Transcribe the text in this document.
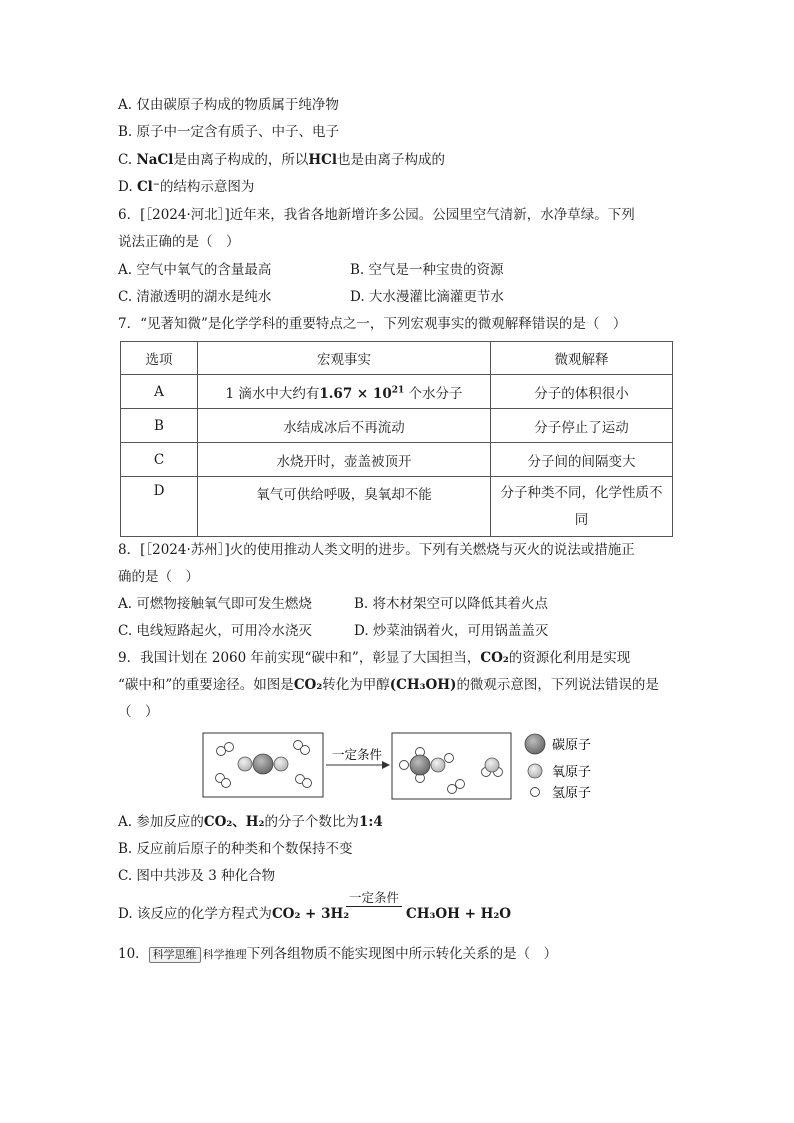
A. 仅由碳原子构成的物质属于纯净物
B. 原子中一定含有质子、中子、电子
C. NaCl是由离子构成的，所以HCl也是由离子构成的
D. Cl⁻的结构示意图为
6．[［2024·河北］]近年来，我省各地新增许多公园。公园里空气清新，水净草绿。下列
说法正确的是（　）
A. 空气中氧气的含量最高	B. 空气是一种宝贵的资源
C. 清澈透明的湖水是纯水	D. 大水漫灌比滴灌更节水
7．“见著知微”是化学学科的重要特点之一，下列宏观事实的微观解释错误的是（　）
选项	宏观事实	微观解释
A	1 滴水中大约有$1.67 \times 10^{21}$ 个水分子	分子的体积很小
B	水结成冰后不再流动	分子停止了运动
C	水烧开时，壶盖被顶开	分子间的间隔变大
D	氧气可供给呼吸，臭氧却不能	分子种类不同，化学性质不
同
8．[［2024·苏州］]火的使用推动人类文明的进步。下列有关燃烧与灭火的说法或措施正
确的是（　）
A. 可燃物接触氧气即可发生燃烧	B. 将木材架空可以降低其着火点
C. 电线短路起火，可用冷水浇灭	D. 炒菜油锅着火，可用锅盖盖灭
9．我国计划在 2060 年前实现“碳中和”，彰显了大国担当，CO₂的资源化利用是实现
“碳中和”的重要途径。如图是CO₂转化为甲醇(CH₃OH)的微观示意图，下列说法错误的是
（　）
一定条件
碳原子
氧原子
氢原子
A. 参加反应的CO₂、H₂的分子个数比为1:4
B. 反应前后原子的种类和个数保持不变
C. 图中共涉及 3 种化合物
D. 该反应的化学方程式为CO₂ + 3H₂
一定条件
CH₃OH + H₂O
10． 科学思维 科学推理下列各组物质不能实现图中所示转化关系的是（　）
